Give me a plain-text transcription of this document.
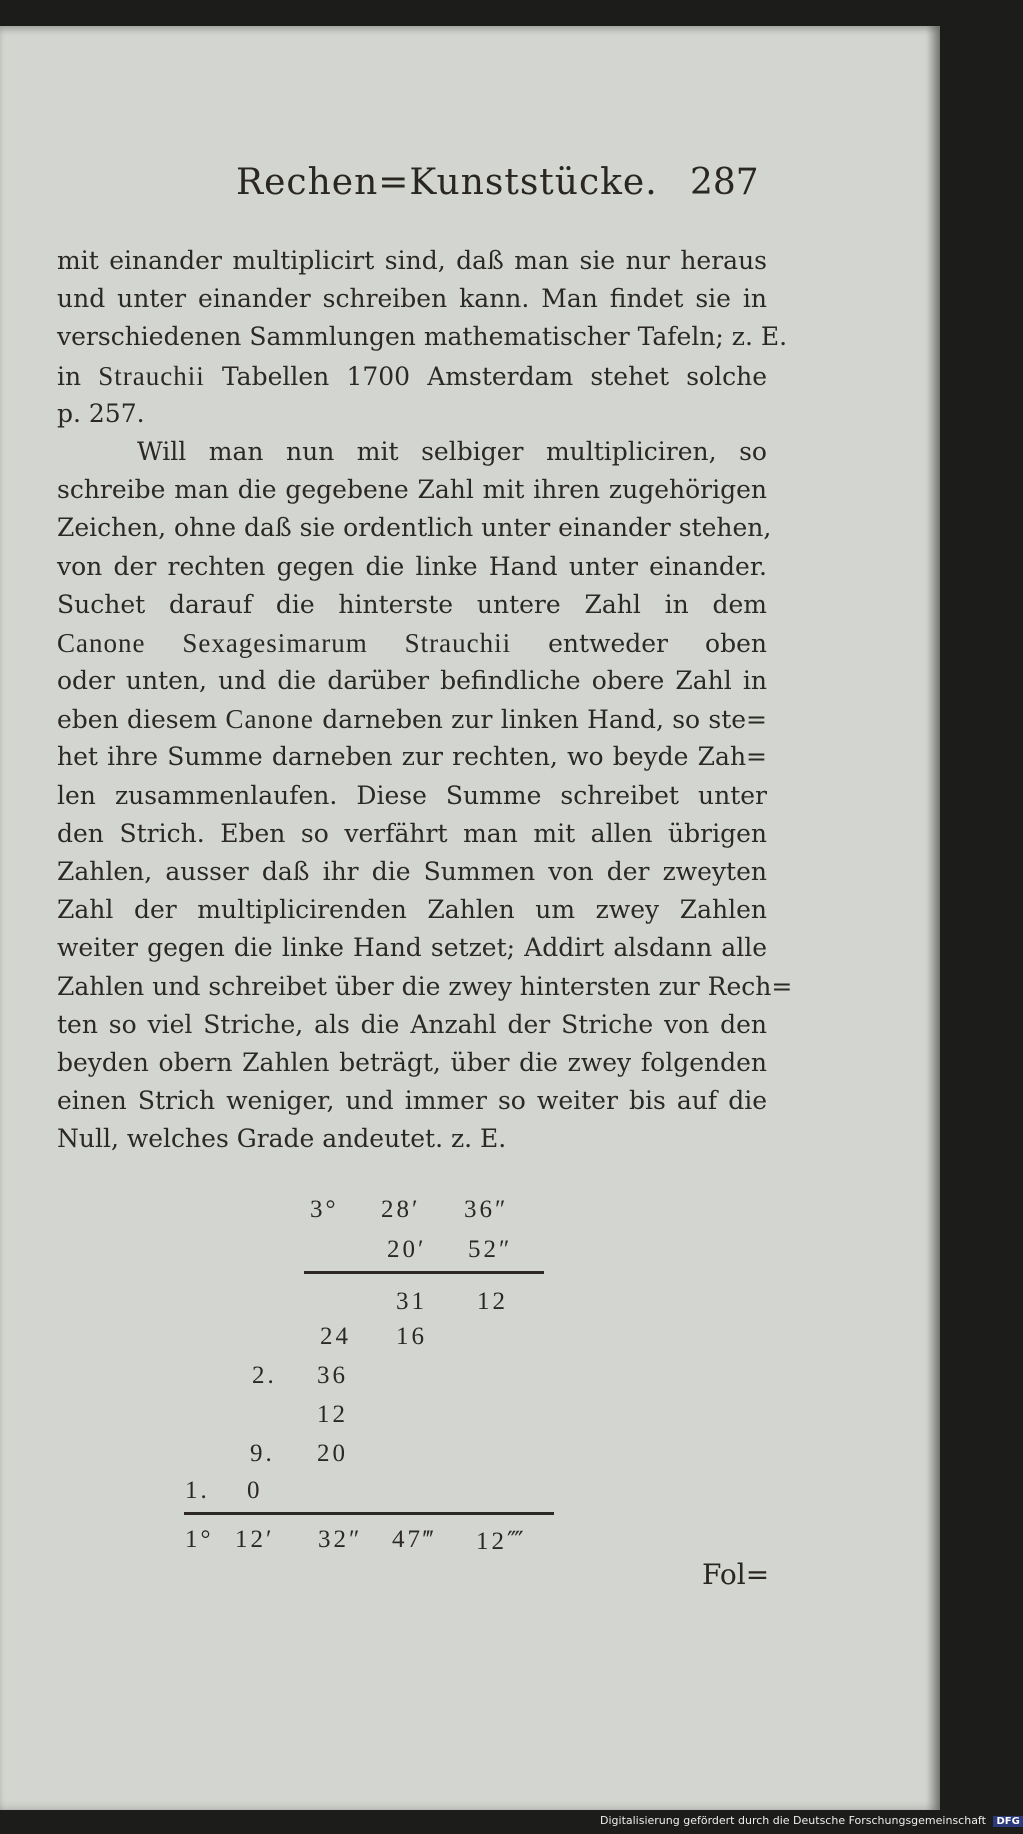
Rechen=Kunststücke. 287
mit einander multiplicirt sind, daß man sie nur heraus
und unter einander schreiben kann. Man findet sie in
verschiedenen Sammlungen mathematischer Tafeln; z. E.
in Strauchii Tabellen 1700 Amsterdam stehet solche
p. 257.
Will man nun mit selbiger multipliciren, so
schreibe man die gegebene Zahl mit ihren zugehörigen
Zeichen, ohne daß sie ordentlich unter einander stehen,
von der rechten gegen die linke Hand unter einander.
Suchet darauf die hinterste untere Zahl in dem
Canone Sexagesimarum Strauchii entweder oben
oder unten, und die darüber befindliche obere Zahl in
eben diesem Canone darneben zur linken Hand, so ste=
het ihre Summe darneben zur rechten, wo beyde Zah=
len zusammenlaufen. Diese Summe schreibet unter
den Strich. Eben so verfährt man mit allen übrigen
Zahlen, ausser daß ihr die Summen von der zweyten
Zahl der multiplicirenden Zahlen um zwey Zahlen
weiter gegen die linke Hand setzet; Addirt alsdann alle
Zahlen und schreibet über die zwey hintersten zur Rech=
ten so viel Striche, als die Anzahl der Striche von den
beyden obern Zahlen beträgt, über die zwey folgenden
einen Strich weniger, und immer so weiter bis auf die
Null, welches Grade andeutet. z. E.
3° 28′ 36″
20′ 52″
31 12
24 16
2. 36
12
9. 20
1. 0
1° 12′ 32″ 47‴ 12⁗
Fol=
Digitalisierung gefördert durch die Deutsche Forschungsgemeinschaft DFG
